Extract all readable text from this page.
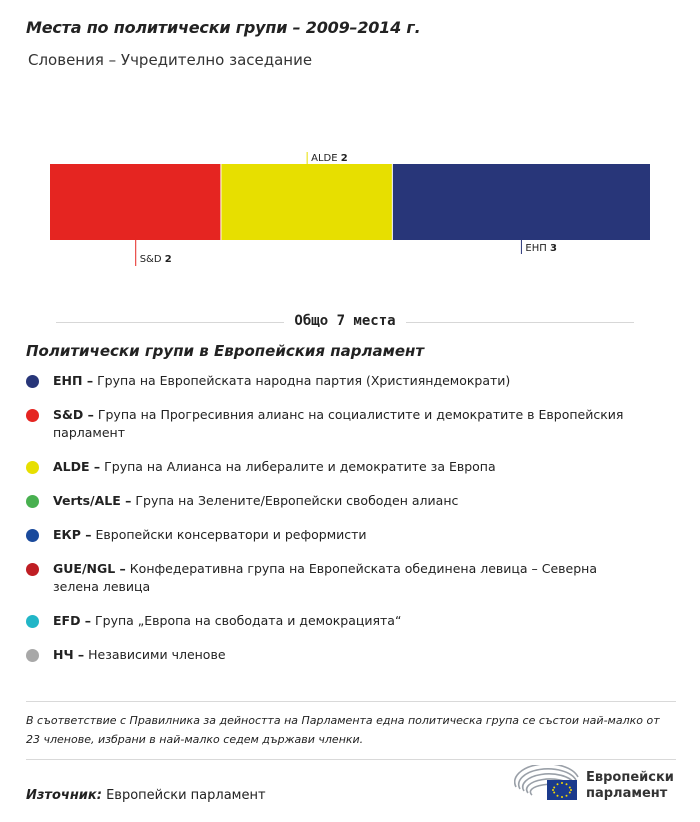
Места по политически групи – 2009–2014 г.
Словения – Учредително заседание
S&D 2
ALDE 2
ЕНП 3
Общо 7 места
Политически групи в Европейския парламент
ЕНП – Група на Европейската народна партия (Християндемократи)
S&D – Група на Прогресивния алианс на социалистите и демократите в Европейския парламент
ALDE – Група на Алианса на либералите и демократите за Европа
Verts/ALE – Група на Зелените/Европейски свободен алианс
ЕКР – Европейски консерватори и реформисти
GUE/NGL – Конфедеративна група на Европейската обединена левица – Северна зелена левица
EFD – Група „Европа на свободата и демокрацията“
НЧ – Независими членове
В съответствие с Правилника за дейността на Парламента една политическа група се състои най-малко от 23 членове, избрани в най-малко седем държави членки.
Източник: Европейски парламент
Европейски
парламент
